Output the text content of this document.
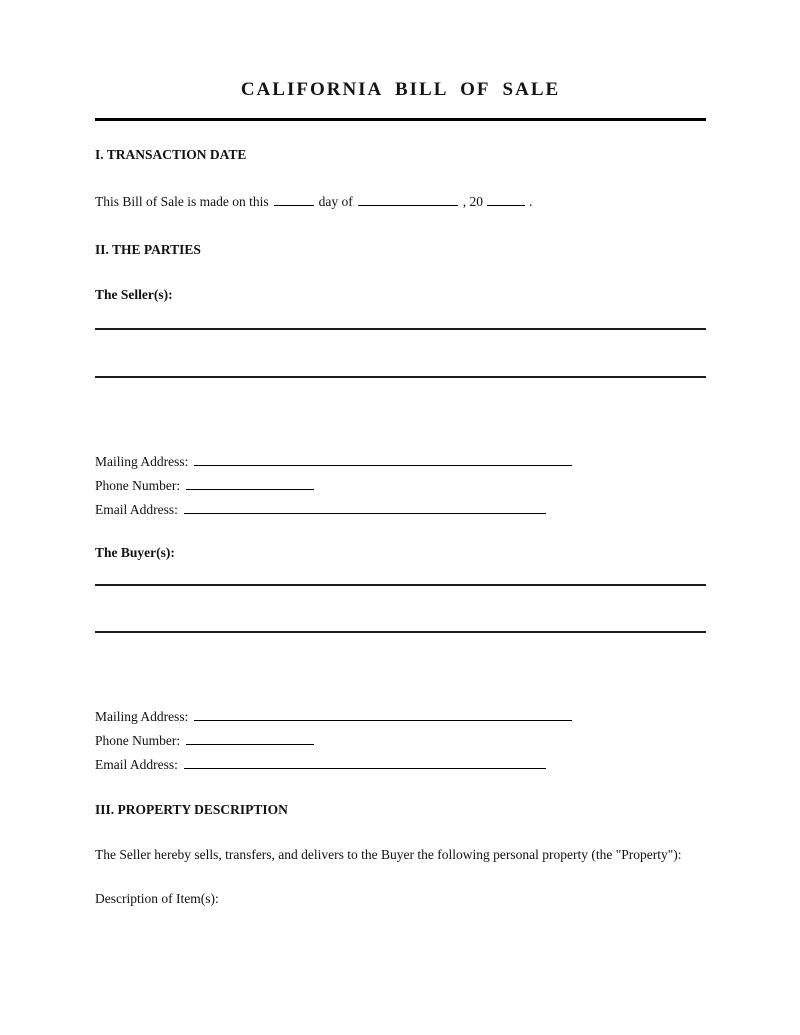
CALIFORNIA BILL OF SALE
I. TRANSACTION DATE

This Bill of Sale is made on this	day of	, 20	.

II. THE PARTIES

The Seller(s):

Mailing Address:
Phone Number:
Email Address:

The Buyer(s):

Mailing Address:
Phone Number:
Email Address:
III. PROPERTY DESCRIPTION

The Seller hereby sells, transfers, and delivers to the Buyer the following personal property (the "Property"):

Description of Item(s):
